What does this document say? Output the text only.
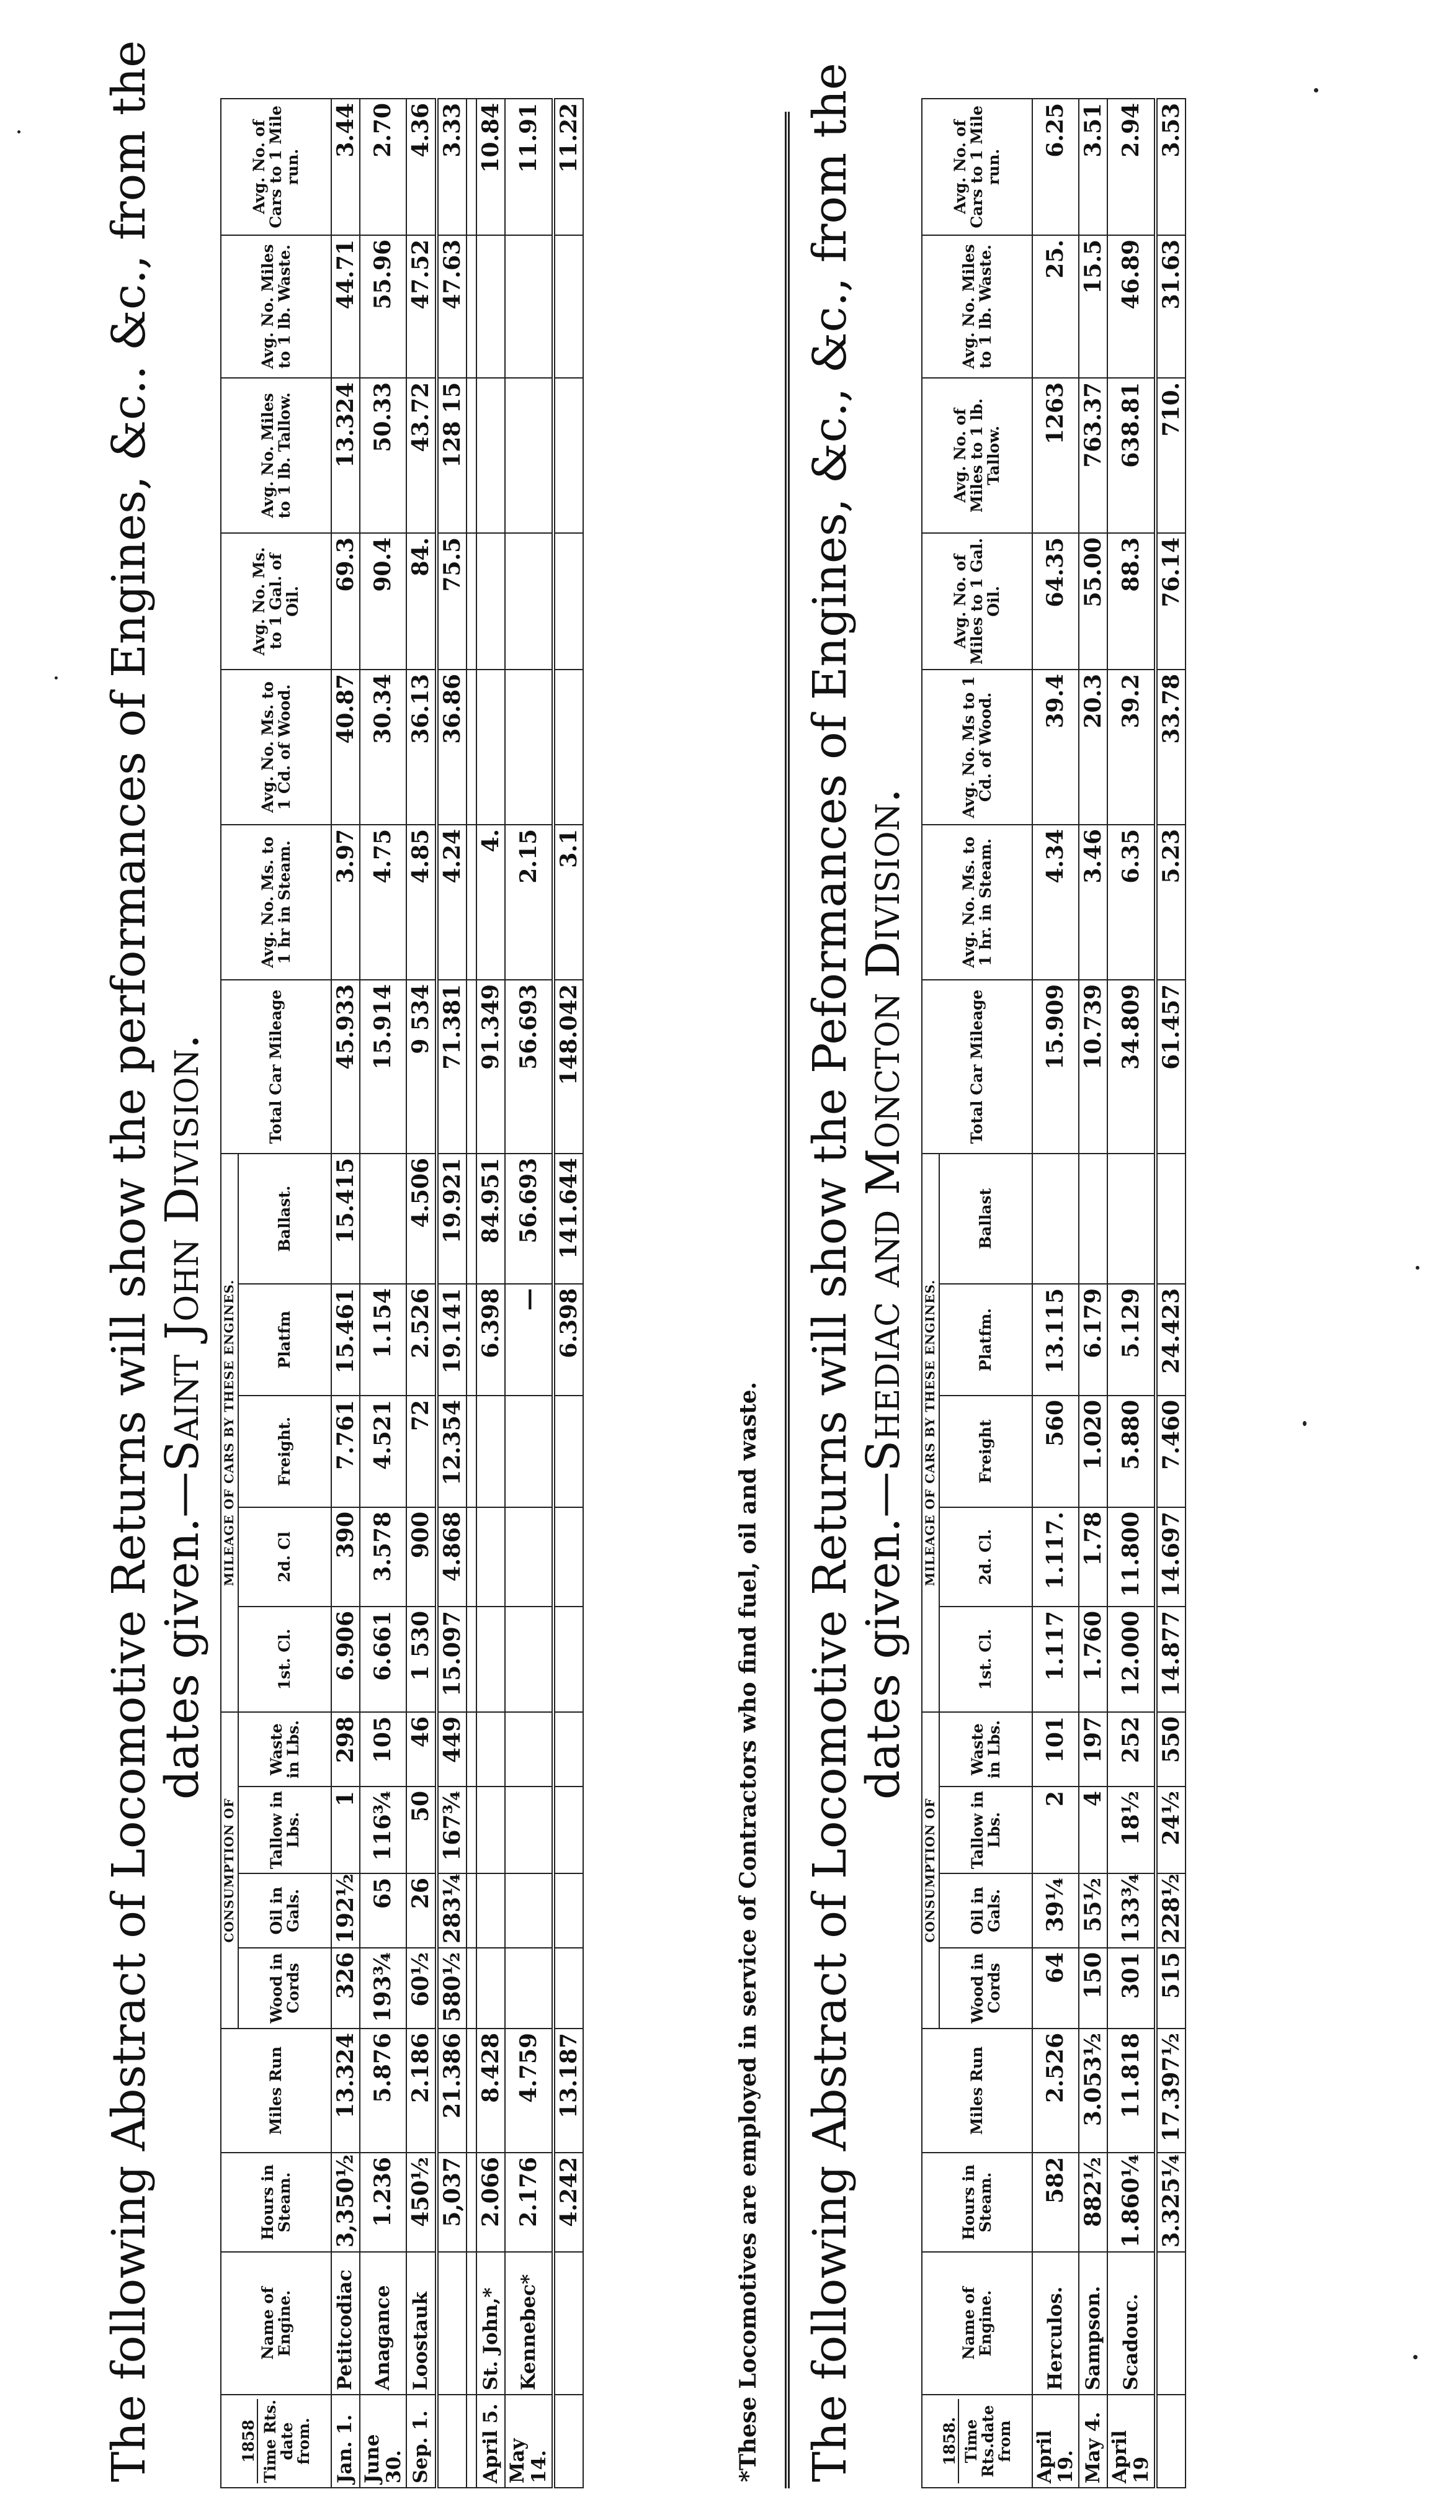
The following Abstract of Locomotive Returns will show the performances of Engines, &c.. &c., from the dates given.—Saint John Division.
1858 Time Rts. date from.	Name of Engine.	Hours in Steam.	Miles Run	CONSUMPTION OF				MILEAGE OF CARS BY THESE ENGINES.					Total Car Mileage	Avg. No. Ms. to 1 hr in Steam.	Avg. No. Ms. to 1 Cd. of Wood.	Avg. No. Ms. to 1 Gal. of Oil.	Avg. No. Miles to 1 lb. Tallow.	Avg. No. Miles to 1 lb. Waste.	Avg. No. of Cars to 1 Mile run.
				Wood in Cords	Oil in Gals.	Tallow in Lbs.	Waste in Lbs.	1st. Cl.	2d. Cl	Freight.	Platfm	Ballast.							
Jan. 1.	Petitcodiac	3,350½	13.324	326	192½	1	298	6.906	390	7.761	15.461	15.415	45.933	3.97	40.87	69.3	13.324	44.71	3.44
June 30.	Anagance	1.236	5.876	193¾	65	116¾	105	6.661	3.578	4.521	1.154		15.914	4.75	30.34	90.4	50.33	55.96	2.70
Sep. 1.	Loostauk	450½	2.186	60½	26	50	46	1 530	900	72	2.526	4.506	9 534	4.85	36.13	84.	43.72	47.52	4.36
		5,037	21.386	580½	283¼	167¾	449	15.097	4.868	12.354	19.141	19.921	71.381	4.24	36.86	75.5	128 15	47.63	3.33

April 5.	St. John,*	2.066	8.428								6.398	84.951	91.349	4.					10.84
May 14.	Kennebec*	2.176	4.759								—	56.693	56.693	2.15					11.91
		4.242	13.187								6.398	141.644	148.042	3.1					11.22
*These Locomotives are employed in service of Contractors who find fuel, oil and waste. The following Abstract of Locomotive Returns will show the Peformances of Engines, &c., &c., from the dates given.—Shediac and Moncton Division.
1858. Time Rts.date from	Name of Engine.	Hours in Steam.	Miles Run	CONSUMPTION OF				MILEAGE OF CARS BY THESE ENGINES.					Total Car Mileage	Avg. No. Ms. to 1 hr. in Steam.	Avg. No. Ms to 1 Cd. of Wood.	Avg. No. of Miles to 1 Gal. Oil.	Avg. No. of Miles to 1 lb. Tallow.	Avg. No. Miles to 1 lb. Waste.	Avg. No. of Cars to 1 Mile run.
				Wood in Cords	Oil in Gals.	Tallow in Lbs.	Waste in Lbs.	1st. Cl.	2d. Cl.	Freight	Platfm.	Ballast							
April 19.	Herculos.	582	2.526	64	39¼	2	101	1.117	1.117.	560	13.115		15.909	4.34	39.4	64.35	1263	25.	6.25
May 4.	Sampson.	882½	3.053½	150	55½	4	197	1.760	1.78	1.020	6.179		10.739	3.46	20.3	55.00	763.37	15.5	3.51
April 19	Scadouc.	1.860¼	11.818	301	133¾	18½	252	12.000	11.800	5.880	5.129		34.809	6.35	39.2	88.3	638.81	46.89	2.94
		3.325¼	17.397½	515	228½	24½	550	14.877	14.697	7.460	24.423		61.457	5.23	33.78	76.14	710.	31.63	3.53
